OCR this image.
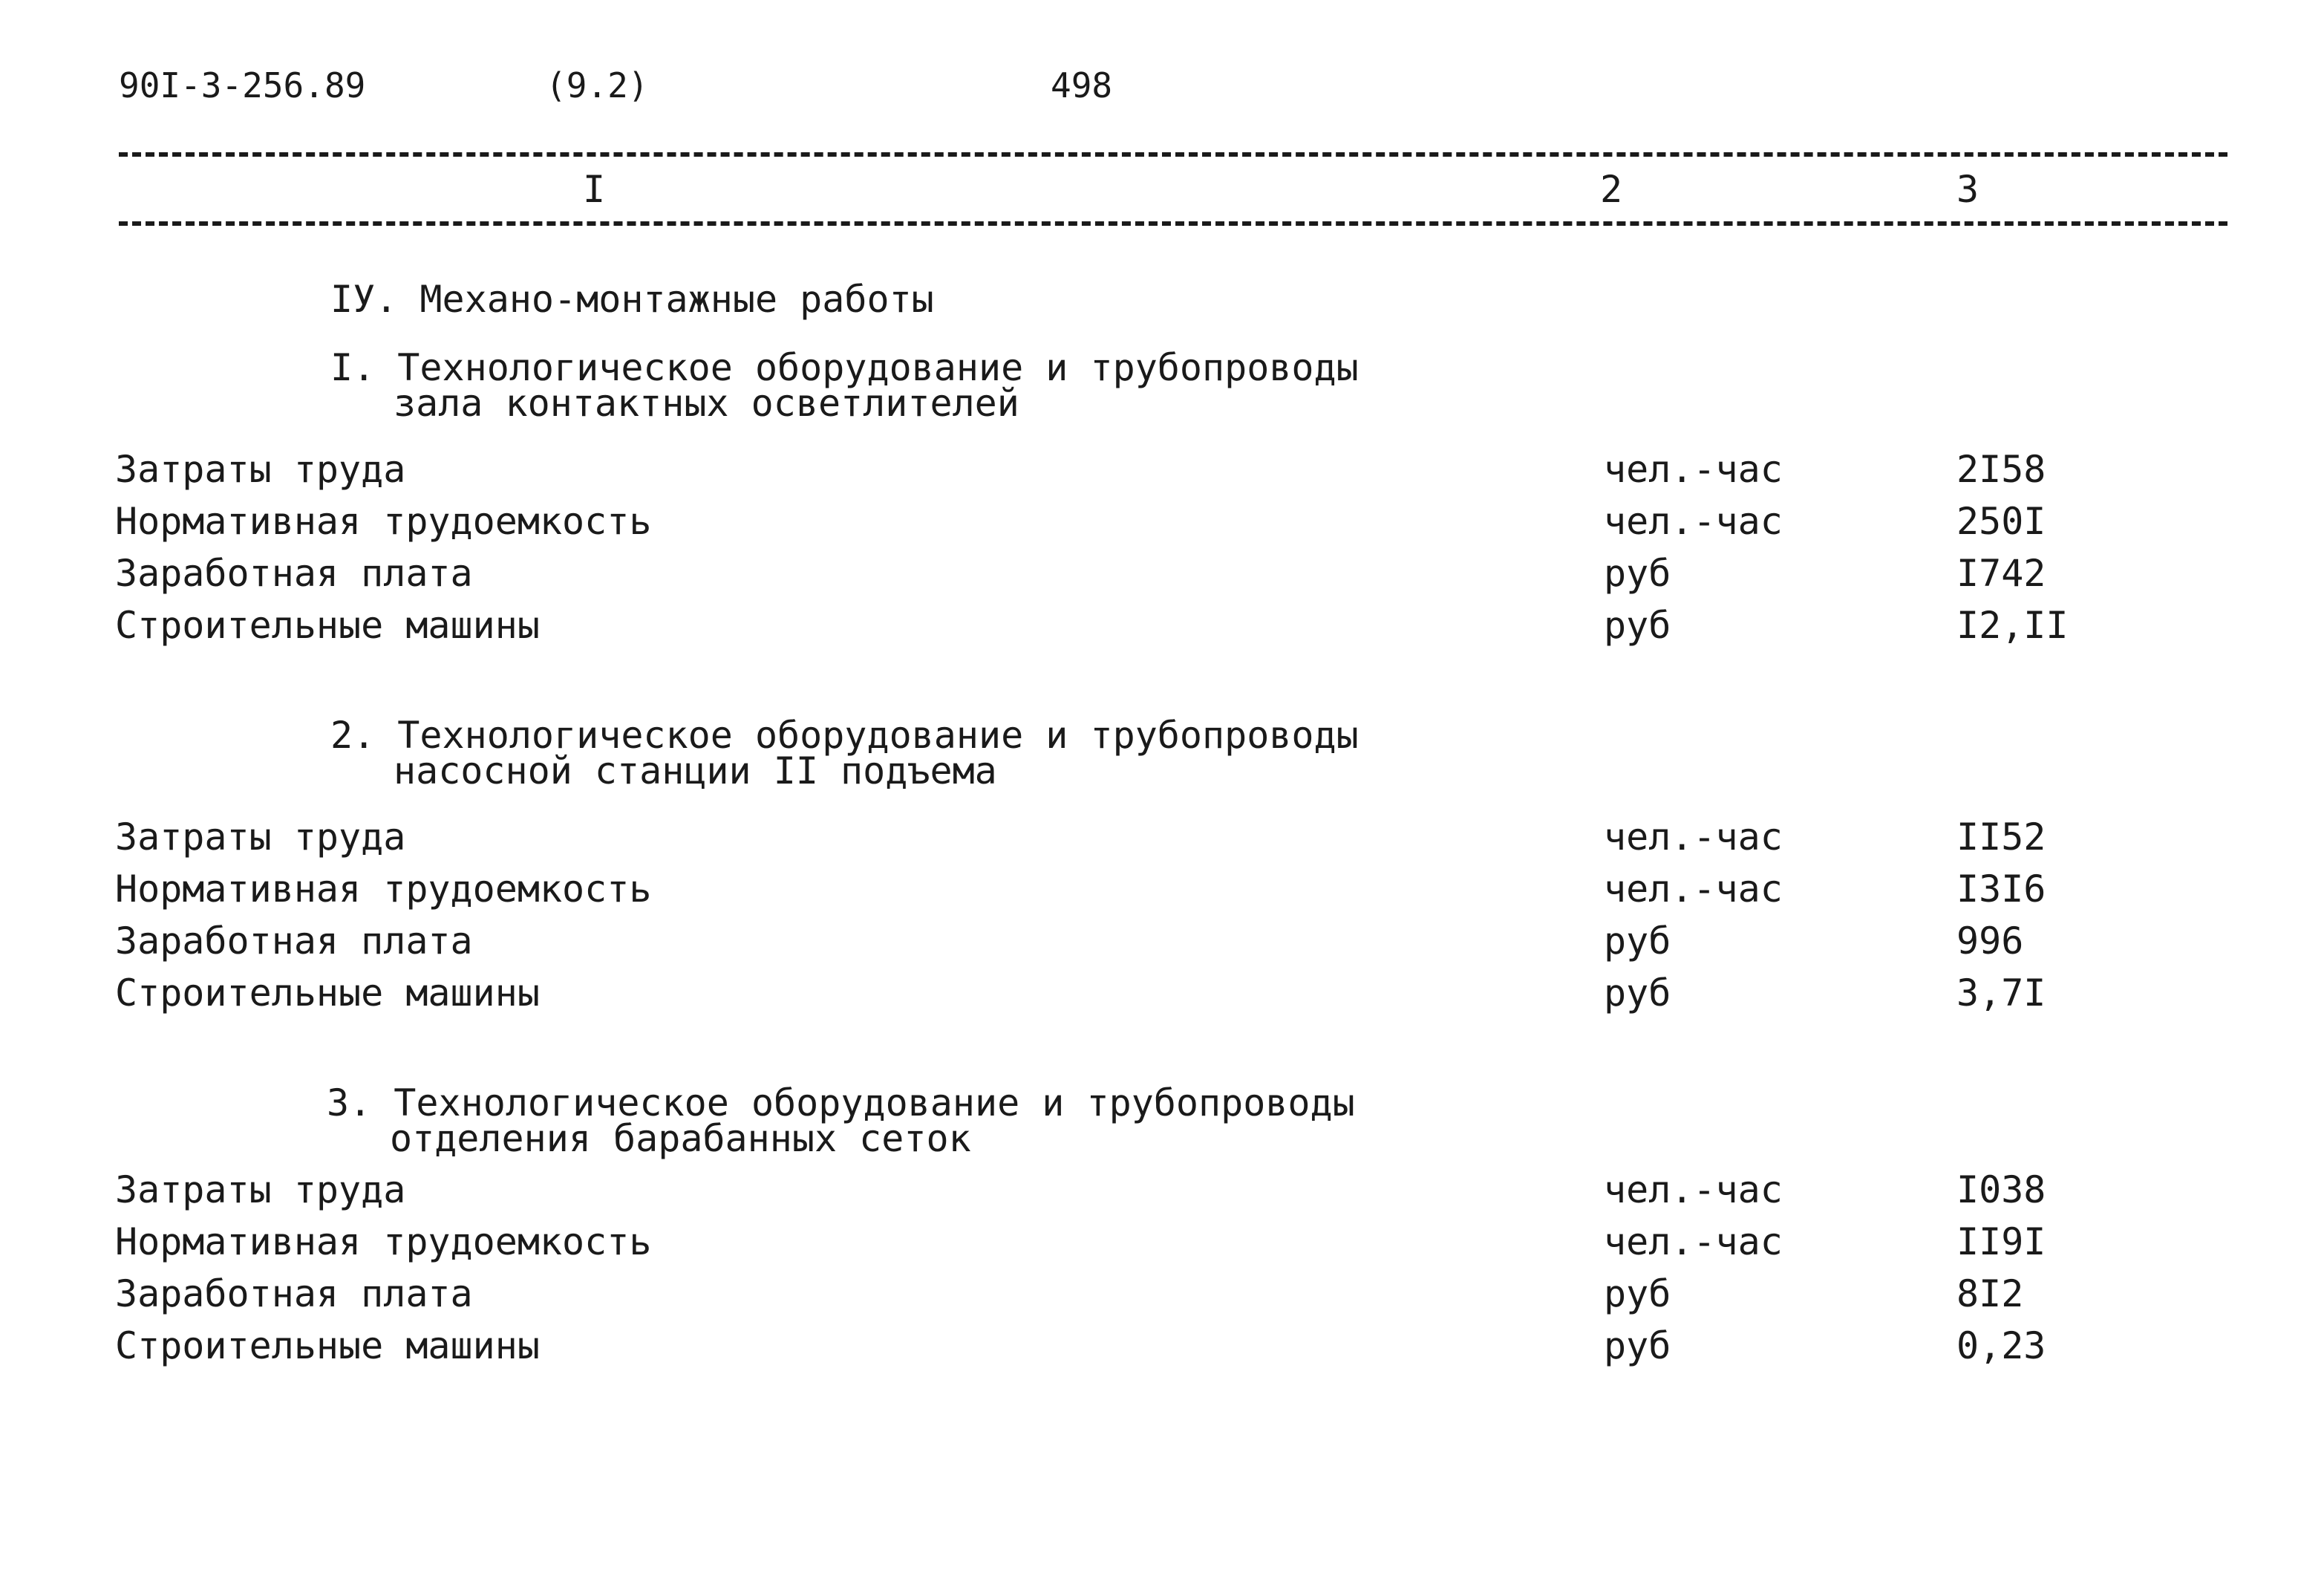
90I-3-256.89	(9.2)	498
I	2	3
IУ. Механо-монтажные работы
I. Технологическое оборудование и трубопроводы
зала контактных осветлителей
Затраты труда	чел.-час	2I58
Нормативная трудоемкость	чел.-час	250I
Заработная плата	руб	I742
Строительные машины	руб	I2,II
2. Технологическое оборудование и трубопроводы
насосной станции II подъема
Затраты труда	чел.-час	II52
Нормативная трудоемкость	чел.-час	I3I6
Заработная плата	руб	996
Строительные машины	руб	3,7I
3. Технологическое оборудование и трубопроводы
отделения барабанных сеток
Затраты труда	чел.-час	I038
Нормативная трудоемкость	чел.-час	II9I
Заработная плата	руб	8I2
Строительные машины	руб	0,23
